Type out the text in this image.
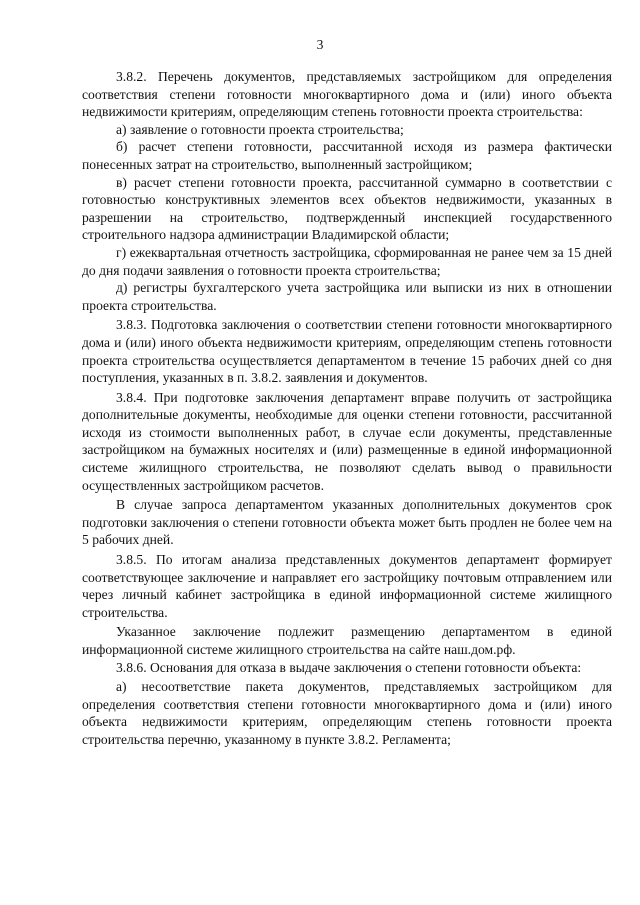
3

3.8.2. Перечень документов, представляемых застройщиком для определения соответствия степени готовности многоквартирного дома и (или) иного объекта недвижимости критериям, определяющим степень готовности проекта строительства:

а) заявление о готовности проекта строительства;

б) расчет степени готовности, рассчитанной исходя из размера фактически понесенных затрат на строительство, выполненный застройщиком;

в) расчет степени готовности проекта, рассчитанной суммарно в соответствии с готовностью конструктивных элементов всех объектов недвижимости, указанных в разрешении на строительство, подтвержденный инспекцией государственного строительного надзора администрации Владимирской области;

г) ежеквартальная отчетность застройщика, сформированная не ранее чем за 15 дней до дня подачи заявления о готовности проекта строительства;

д) регистры бухгалтерского учета застройщика или выписки из них в отношении проекта строительства.

3.8.3. Подготовка заключения о соответствии степени готовности многоквартирного дома и (или) иного объекта недвижимости критериям, определяющим степень готовности проекта строительства осуществляется департаментом в течение 15 рабочих дней со дня поступления, указанных в п. 3.8.2. заявления и документов.

3.8.4. При подготовке заключения департамент вправе получить от застройщика дополнительные документы, необходимые для оценки степени готовности, рассчитанной исходя из стоимости выполненных работ, в случае если документы, представленные застройщиком на бумажных носителях и (или) размещенные в единой информационной системе жилищного строительства, не позволяют сделать вывод о правильности осуществленных застройщиком расчетов.

В случае запроса департаментом указанных дополнительных документов срок подготовки заключения о степени готовности объекта может быть продлен не более чем на 5 рабочих дней.

3.8.5. По итогам анализа представленных документов департамент формирует соответствующее заключение и направляет его застройщику почтовым отправлением или через личный кабинет застройщика в единой информационной системе жилищного строительства.

Указанное заключение подлежит размещению департаментом в единой информационной системе жилищного строительства на сайте наш.дом.рф.

3.8.6. Основания для отказа в выдаче заключения о степени готовности объекта:

а) несоответствие пакета документов, представляемых застройщиком для определения соответствия степени готовности многоквартирного дома и (или) иного объекта недвижимости критериям, определяющим степень готовности проекта строительства перечню, указанному в пункте 3.8.2. Регламента;
